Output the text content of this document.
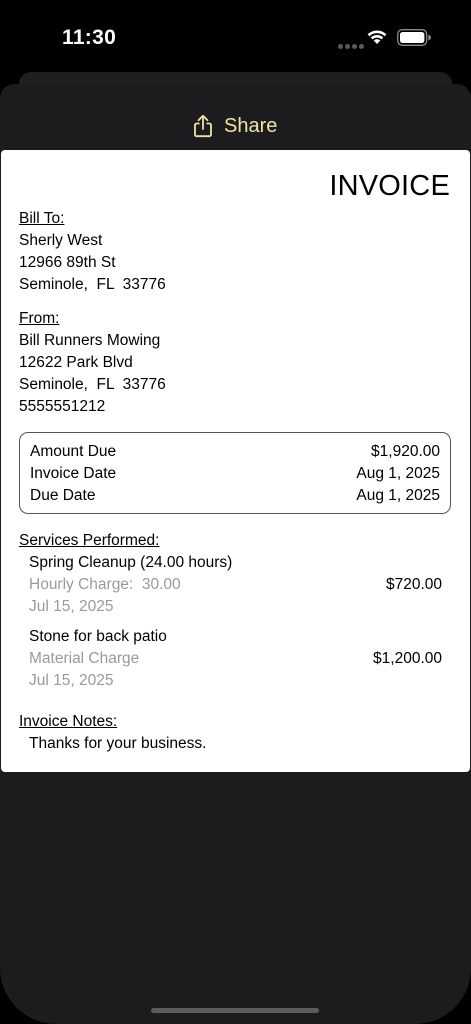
11:30
Share
INVOICE
Bill To:
Sherly West
12966 89th St
Seminole,  FL  33776
From:
Bill Runners Mowing
12622 Park Blvd
Seminole,  FL  33776
5555551212
Amount Due	$1,920.00
Invoice Date	Aug 1, 2025
Due Date	Aug 1, 2025
Services Performed:
Spring Cleanup (24.00 hours)
Hourly Charge:  30.00	$720.00
Jul 15, 2025
Stone for back patio
Material Charge	$1,200.00
Jul 15, 2025
Invoice Notes:
Thanks for your business.
